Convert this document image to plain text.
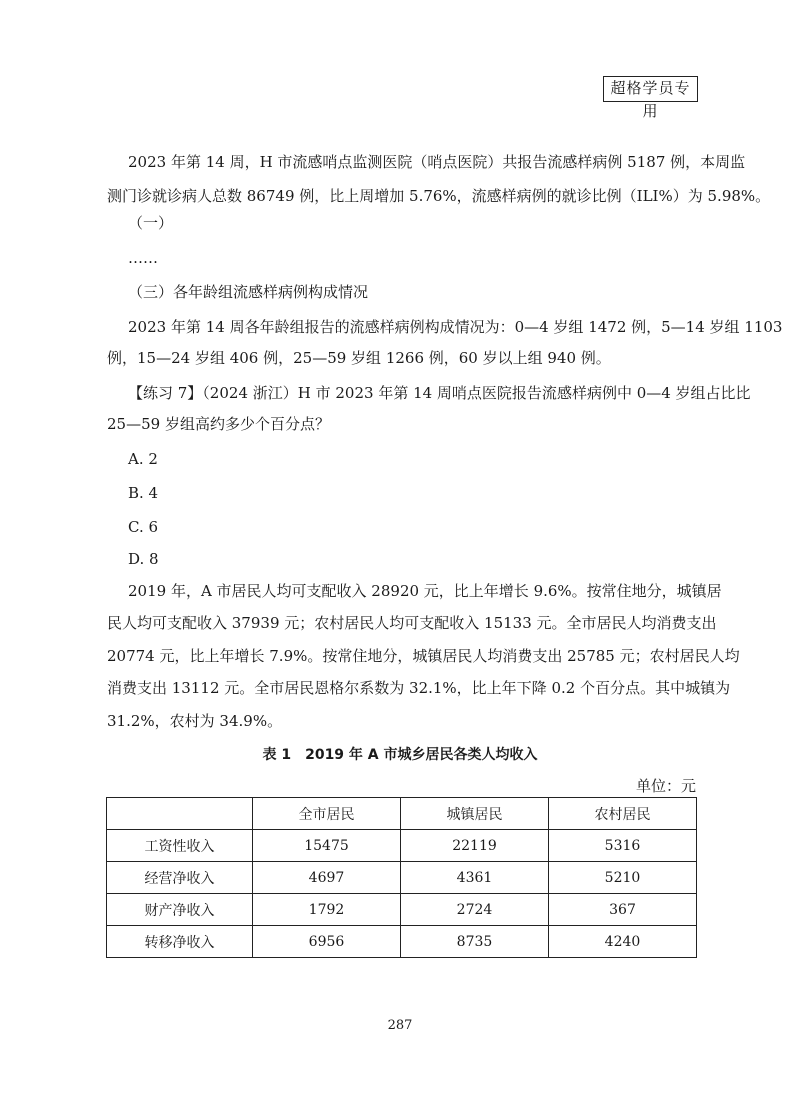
超格学员专用
2023 年第 14 周，H 市流感哨点监测医院（哨点医院）共报告流感样病例 5187 例，本周监
测门诊就诊病人总数 86749 例，比上周增加 5.76%，流感样病例的就诊比例（ILI%）为 5.98%。
（一）
……
（三）各年龄组流感样病例构成情况
2023 年第 14 周各年龄组报告的流感样病例构成情况为：0—4 岁组 1472 例，5—14 岁组 1103
例，15—24 岁组 406 例，25—59 岁组 1266 例，60 岁以上组 940 例。
【练习 7】（2024 浙江）H 市 2023 年第 14 周哨点医院报告流感样病例中 0—4 岁组占比比
25—59 岁组高约多少个百分点？
A. 2
B. 4
C. 6
D. 8
2019 年，A 市居民人均可支配收入 28920 元，比上年增长 9.6%。按常住地分，城镇居
民人均可支配收入 37939 元；农村居民人均可支配收入 15133 元。全市居民人均消费支出
20774 元，比上年增长 7.9%。按常住地分，城镇居民人均消费支出 25785 元；农村居民人均
消费支出 13112 元。全市居民恩格尔系数为 32.1%，比上年下降 0.2 个百分点。其中城镇为
31.2%，农村为 34.9%。
表 1　2019 年 A 市城乡居民各类人均收入
单位：元
	全市居民	城镇居民	农村居民
工资性收入	15475	22119	5316
经营净收入	4697	4361	5210
财产净收入	1792	2724	367
转移净收入	6956	8735	4240
287
